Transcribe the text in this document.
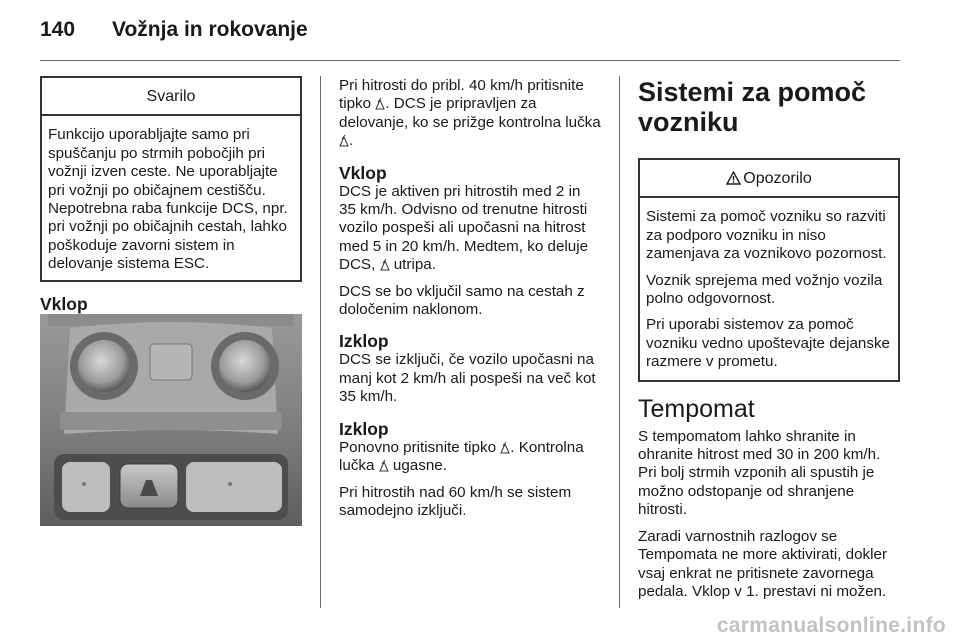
140 Vožnja in rokovanje
Svarilo

Funkcijo uporabljajte samo pri spuščanju po strmih pobočjih pri vožnji izven ceste. Ne uporabljajte pri vožnji po običajnem cestišču. Nepotrebna raba funkcije DCS, npr. pri vožnji po običajnih cestah, lahko poškoduje zavorni sistem in delovanje sistema ESC.

Vklop

Pri hitrosti do pribl. 40 km/h pritisnite tipko . DCS je pripravljen za delovanje, ko se prižge kontrolna lučka .

Vklop

DCS je aktiven pri hitrostih med 2 in 35 km/h. Odvisno od trenutne hitrosti vozilo pospeši ali upočasni na hitrost med 5 in 20 km/h. Medtem, ko deluje DCS,  utripa.

DCS se bo vključil samo na cestah z določenim naklonom.

Izklop

DCS se izključi, če vozilo upočasni na manj kot 2 km/h ali pospeši na več kot 35 km/h.

Izklop

Ponovno pritisnite tipko . Kontrolna lučka  ugasne.

Pri hitrostih nad 60 km/h se sistem samodejno izključi.

Sistemi za pomoč
vozniku
Opozorilo

Sistemi za pomoč vozniku so razviti za podporo vozniku in niso zamenjava za voznikovo pozornost.

Voznik sprejema med vožnjo vozila polno odgovornost.

Pri uporabi sistemov za pomoč vozniku vedno upoštevajte dejanske razmere v prometu.

Tempomat

S tempomatom lahko shranite in ohranite hitrost med 30 in 200 km/h. Pri bolj strmih vzponih ali spustih je možno odstopanje od shranjene hitrosti.

Zaradi varnostnih razlogov se Tempomata ne more aktivirati, dokler vsaj enkrat ne pritisnete zavornega pedala. Vklop v 1. prestavi ni možen.

carmanualsonline.info
